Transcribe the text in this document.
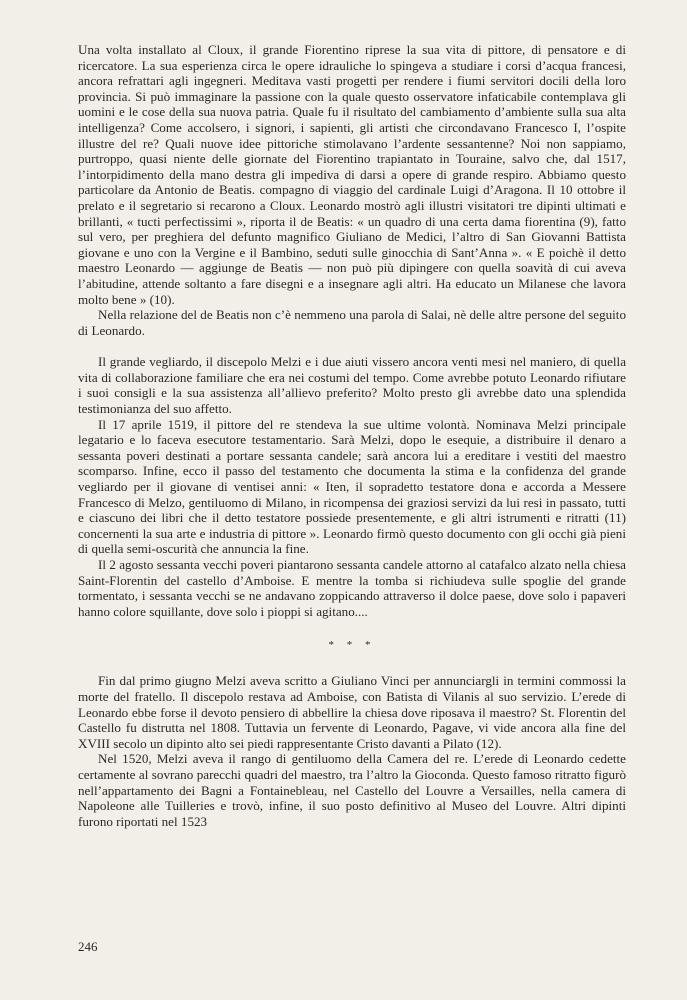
Una volta installato al Cloux, il grande Fiorentino riprese la sua vita di pittore, di pensatore e di ricercatore. La sua esperienza circa le opere idrauliche lo spingeva a studiare i corsi d’acqua francesi, ancora refrattari agli ingegneri. Meditava vasti progetti per rendere i fiumi servitori docili della loro provincia. Si può immaginare la passione con la quale questo osservatore infaticabile contemplava gli uomini e le cose della sua nuova patria. Quale fu il risultato del cambiamento d’ambiente sulla sua alta intelligenza? Come accolsero, i signori, i sapienti, gli artisti che circondavano Francesco I, l’ospite illustre del re? Quali nuove idee pittoriche stimolavano l’ardente sessantenne? Noi non sappiamo, purtroppo, quasi niente delle giornate del Fiorentino trapiantato in Touraine, salvo che, dal 1517, l’intorpidimento della mano destra gli impediva di darsi a opere di grande respiro. Abbiamo questo particolare da Antonio de Beatis. compagno di viaggio del cardinale Luigi d’Aragona. Il 10 ottobre il prelato e il segretario si recarono a Cloux. Leonardo mostrò agli illustri visitatori tre dipinti ultimati e brillanti, « tucti perfectissimi », riporta il de Beatis: « un quadro di una certa dama fiorentina (9), fatto sul vero, per preghiera del defunto magnifico Giuliano de Medici, l’altro di San Giovanni Battista giovane e uno con la Vergine e il Bambino, seduti sulle ginocchia di Sant’Anna ». « E poichè il detto maestro Leonardo — aggiunge de Beatis — non può più dipingere con quella soavità di cui aveva l’abitudine, attende soltanto a fare disegni e a insegnare agli altri. Ha educato un Milanese che lavora molto bene » (10).

Nella relazione del de Beatis non c’è nemmeno una parola di Salai, nè delle altre persone del seguito di Leonardo.

Il grande vegliardo, il discepolo Melzi e i due aiuti vissero ancora venti mesi nel maniero, di quella vita di collaborazione familiare che era nei costumi del tempo. Come avrebbe potuto Leonardo rifiutare i suoi consigli e la sua assistenza all’allievo preferito? Molto presto gli avrebbe dato una splendida testimonianza del suo affetto.

Il 17 aprile 1519, il pittore del re stendeva la sue ultime volontà. Nominava Melzi principale legatario e lo faceva esecutore testamentario. Sarà Melzi, dopo le esequie, a distribuire il denaro a sessanta poveri destinati a portare sessanta candele; sarà ancora lui a ereditare i vestiti del maestro scomparso. Infine, ecco il passo del testamento che documenta la stima e la confidenza del grande vegliardo per il giovane di ventisei anni: « Iten, il sopradetto testatore dona e accorda a Messere Francesco di Melzo, gentiluomo di Milano, in ricompensa dei graziosi servizi da lui resi in passato, tutti e ciascuno dei libri che il detto testatore possiede presentemente, e gli altri istrumenti e ritratti (11) concernenti la sua arte e industria di pittore ». Leonardo firmò questo documento con gli occhi già pieni di quella semi-oscurità che annuncia la fine.

Il 2 agosto sessanta vecchi poveri piantarono sessanta candele attorno al catafalco alzato nella chiesa Saint-Florentin del castello d’Amboise. E mentre la tomba si richiudeva sulle spoglie del grande tormentato, i sessanta vecchi se ne andavano zoppicando attraverso il dolce paese, dove solo i papaveri hanno colore squillante, dove solo i pioppi si agitano....

* * *

Fin dal primo giugno Melzi aveva scritto a Giuliano Vinci per annunciargli in termini commossi la morte del fratello. Il discepolo restava ad Amboise, con Batista di Vilanis al suo servizio. L’erede di Leonardo ebbe forse il devoto pensiero di abbellire la chiesa dove riposava il maestro? St. Florentin del Castello fu distrutta nel 1808. Tuttavia un fervente di Leonardo, Pagave, vi vide ancora alla fine del XVIII secolo un dipinto alto sei piedi rappresentante Cristo davanti a Pilato (12).

Nel 1520, Melzi aveva il rango di gentiluomo della Camera del re. L’erede di Leonardo cedette certamente al sovrano parecchi quadri del maestro, tra l’altro la Gioconda. Questo famoso ritratto figurò nell’appartamento dei Bagni a Fontainebleau, nel Castello del Louvre a Versailles, nella camera di Napoleone alle Tuilleries e trovò, infine, il suo posto definitivo al Museo del Louvre. Altri dipinti furono riportati nel 1523

246
